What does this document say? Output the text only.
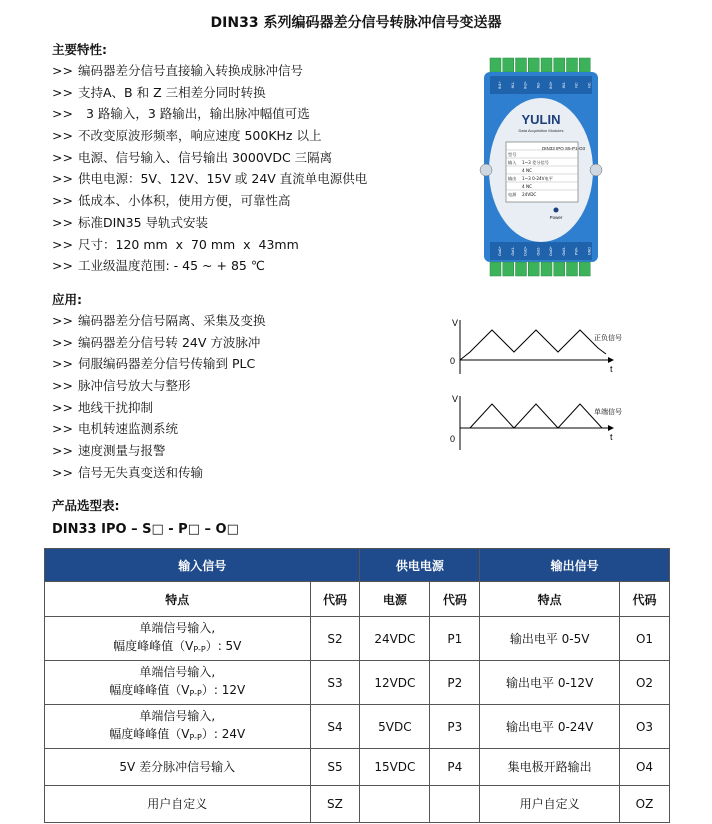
DIN33 系列编码器差分信号转脉冲信号变送器
主要特性:
>> 编码器差分信号直接输入转换成脉冲信号
>> 支持A、B 和 Z 三相差分同时转换
>>  3 路输入，3 路输出，输出脉冲幅值可选
>> 不改变原波形频率，响应速度 500KHz 以上
>> 电源、信号输入、信号输出 3000VDC 三隔离
>> 供电电源：5V、12V、15V 或 24V 直流单电源供电
>> 低成本、小体积，使用方便，可靠性高
>> 标准DIN35 导轨式安装
>> 尺寸：120 mm  x  70 mm  x  43mm
>> 工业级温度范围: - 45 ~ + 85 ℃
应用:
>> 编码器差分信号隔离、采集及变换
>> 编码器差分信号转 24V 方波脉冲
>> 伺服编码器差分信号传输到 PLC
>> 脉冲信号放大与整形
>> 地线干扰抑制
>> 电机转速监测系统
>> 速度测量与报警
>> 信号无失真变送和传输
产品选型表:
DIN33 IPO – S□ - P□ – O□
IN1+ IN1- IN2+ IN2- IN3+ IN3- NC NC
Out1+ Out1- Out2+ Out2- Out3+ Out3- PW+ GND
YULIN
Data Acquisition Modules
DIN33 IPO S5-P1-O3
型号
输入 1~3 差分信号
4 NC
输出 1~3 0-24V电平
4 NC
电源 24VDC
Power
V
0
t
正负信号
V
0	t
单端信号
输入信号		供电电源		输出信号	
特点	代码	电源	代码	特点	代码

单端信号输入,
幅度峰峰值（VP-P）: 5V	S2	24VDC	P1	输出电平 0-5V	O1

单端信号输入,
幅度峰峰值（VP-P）: 12V	S3	12VDC	P2	输出电平 0-12V	O2

单端信号输入,
幅度峰峰值（VP-P）: 24V	S4	5VDC	P3	输出电平 0-24V	O3
5V 差分脉冲信号输入	S5	15VDC	P4	集电极开路输出	O4
用户自定义	SZ			用户自定义	OZ
